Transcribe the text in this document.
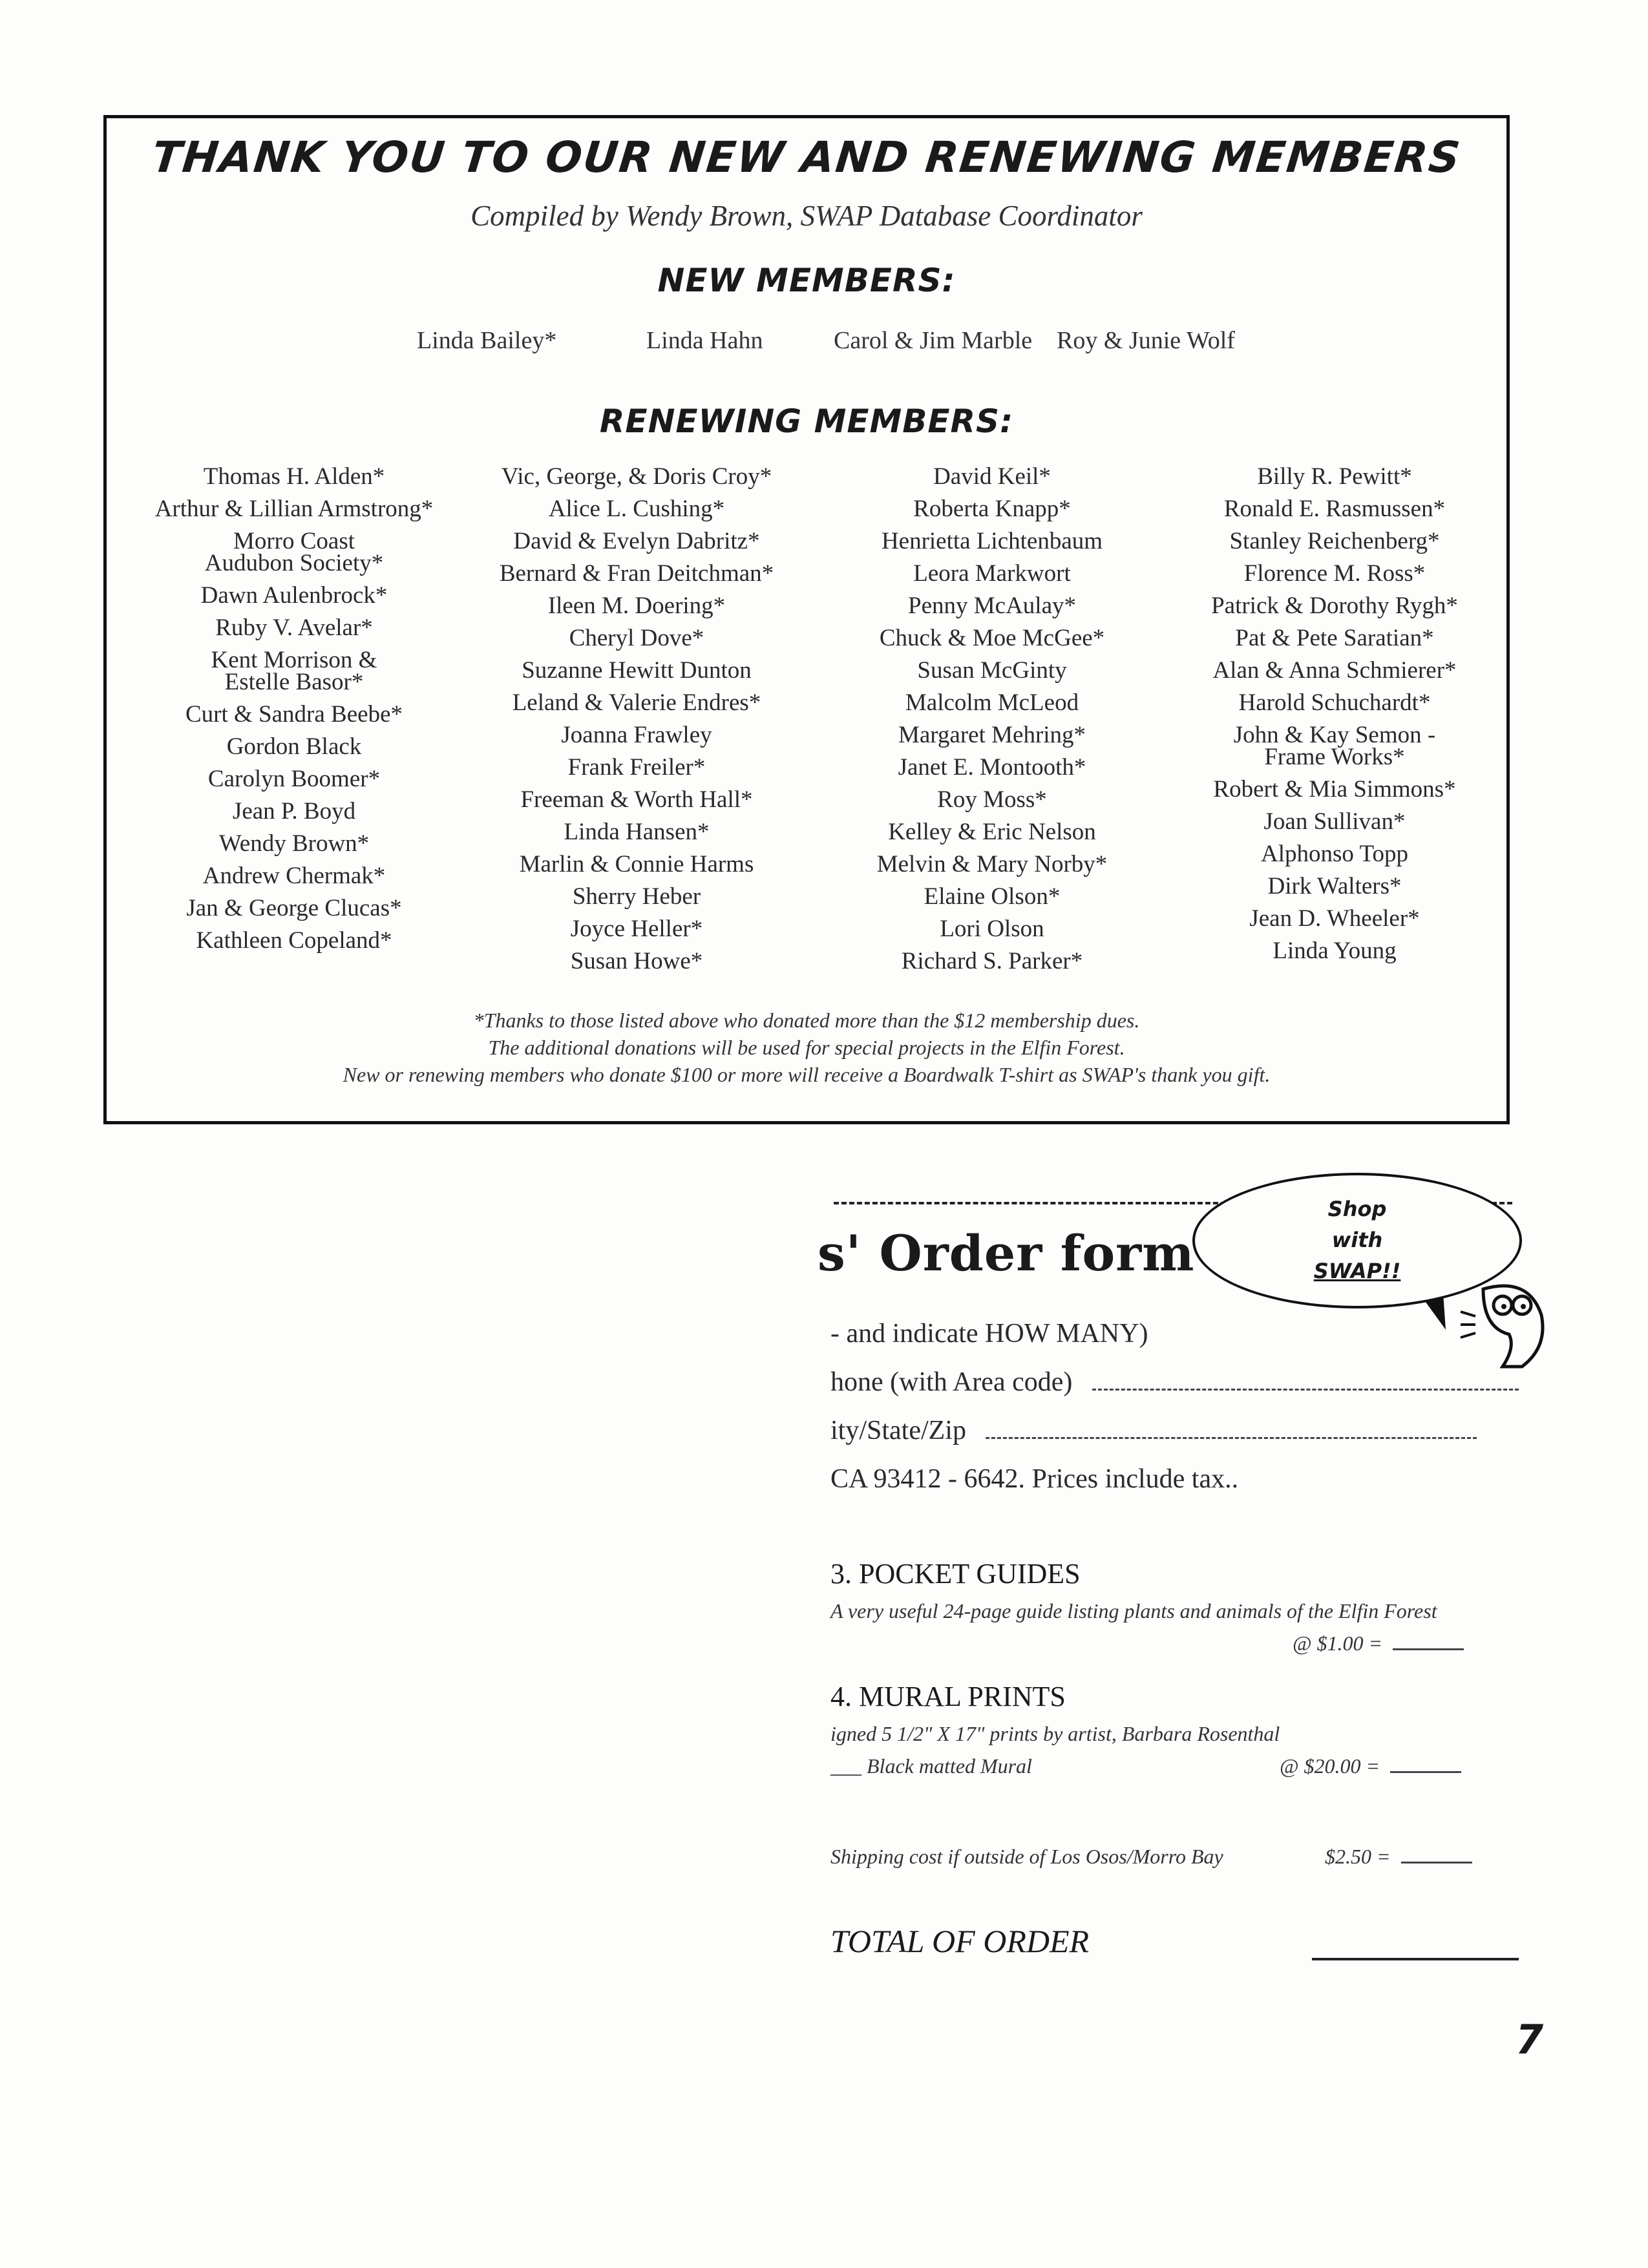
THANK YOU TO OUR NEW AND RENEWING MEMBERS
Compiled by Wendy Brown, SWAP Database Coordinator
NEW MEMBERS:
Linda Bailey*	Linda Hahn	Carol & Jim Marble Roy & Junie Wolf
RENEWING MEMBERS:
Thomas H. Alden*
Arthur & Lillian Armstrong*
Morro Coast Audubon Society*
Dawn Aulenbrock*
Ruby V. Avelar*
Kent Morrison & Estelle Basor*
Curt & Sandra Beebe*
Gordon Black
Carolyn Boomer*
Jean P. Boyd
Wendy Brown*
Andrew Chermak*
Jan & George Clucas*
Kathleen Copeland*
Vic, George, & Doris Croy*
Alice L. Cushing*
David & Evelyn Dabritz*
Bernard & Fran Deitchman*
Ileen M. Doering*
Cheryl Dove*
Suzanne Hewitt Dunton
Leland & Valerie Endres*
Joanna Frawley
Frank Freiler*
Freeman & Worth Hall*
Linda Hansen*
Marlin & Connie Harms
Sherry Heber
Joyce Heller*
Susan Howe*
David Keil*
Roberta Knapp*
Henrietta Lichtenbaum
Leora Markwort
Penny McAulay*
Chuck & Moe McGee*
Susan McGinty
Malcolm McLeod
Margaret Mehring*
Janet E. Montooth*
Roy Moss*
Kelley & Eric Nelson
Melvin & Mary Norby*
Elaine Olson*
Lori Olson
Richard S. Parker*
Billy R. Pewitt*
Ronald E. Rasmussen*
Stanley Reichenberg*
Florence M. Ross*
Patrick & Dorothy Rygh*
Pat & Pete Saratian*
Alan & Anna Schmierer*
Harold Schuchardt*
John & Kay Semon - Frame Works*
Robert & Mia Simmons*
Joan Sullivan*
Alphonso Topp
Dirk Walters*
Jean D. Wheeler*
Linda Young
*Thanks to those listed above who donated more than the $12 membership dues.
The additional donations will be used for special projects in the Elfin Forest.
New or renewing members who donate $100 or more will receive a Boardwalk T-shirt as SWAP's thank you gift.
s' Order form
Shop
with
SWAP!!
- and indicate HOW MANY)
hone (with Area code)
ity/State/Zip
CA 93412 - 6642. Prices include tax..
3. POCKET GUIDES
A very useful 24-page guide listing plants and animals of the Elfin Forest
@ $1.00 =
4. MURAL PRINTS
igned 5 1/2" X 17" prints by artist, Barbara Rosenthal
___ Black matted Mural	@ $20.00 =
Shipping cost if outside of Los Osos/Morro Bay	$2.50 =
TOTAL OF ORDER
7
